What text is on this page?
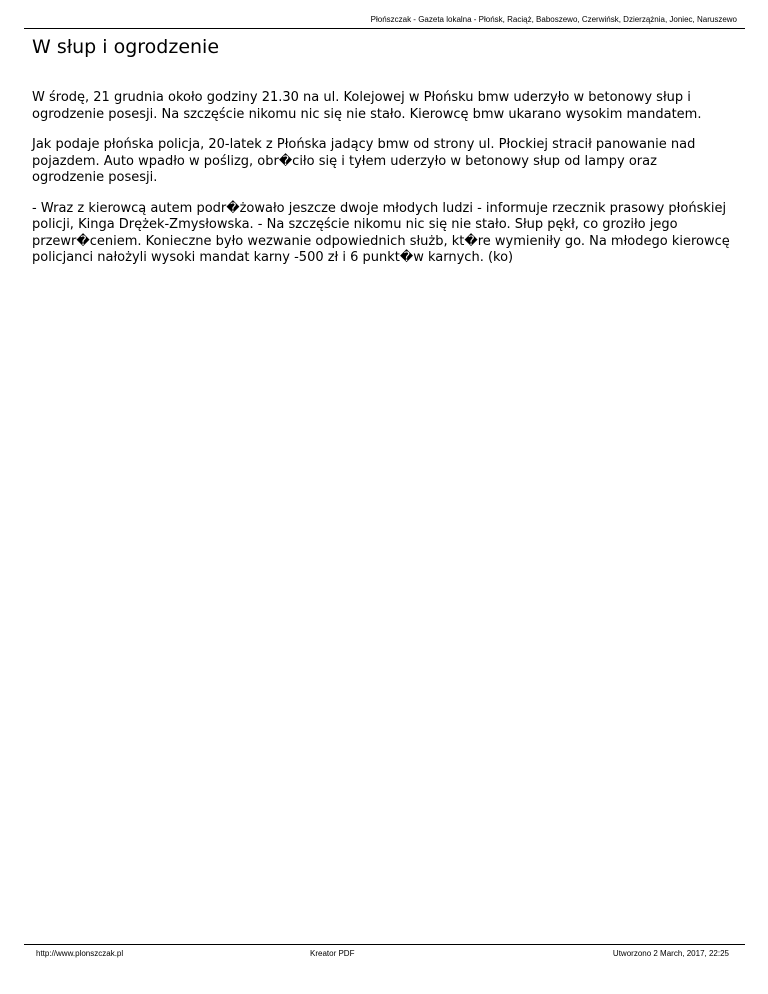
Płońszczak - Gazeta lokalna - Płońsk, Raciąż, Baboszewo, Czerwińsk, Dzierzążnia, Joniec, Naruszewo
W słup i ogrodzenie

W środę, 21 grudnia około godziny 21.30 na ul. Kolejowej w Płońsku bmw uderzyło w betonowy słup i ogrodzenie posesji. Na szczęście nikomu nic się nie stało. Kierowcę bmw ukarano wysokim mandatem.

Jak podaje płońska policja, 20-latek z Płońska jadący bmw od strony ul. Płockiej stracił panowanie nad pojazdem. Auto wpadło w poślizg, obr�ciło się i tyłem uderzyło w betonowy słup od lampy oraz ogrodzenie posesji.

- Wraz z kierowcą autem podr�żowało jeszcze dwoje młodych ludzi - informuje rzecznik prasowy płońskiej policji, Kinga Drężek-Zmysłowska. - Na szczęście nikomu nic się nie stało. Słup pękł, co groziło jego przewr�ceniem. Konieczne było wezwanie odpowiednich służb, kt�re wymieniły go. Na młodego kierowcę policjanci nałożyli wysoki mandat karny -500 zł i 6 punkt�w karnych. (ko)

http://www.plonszczak.pl	Kreator PDF	Utworzono 2 March, 2017, 22:25
